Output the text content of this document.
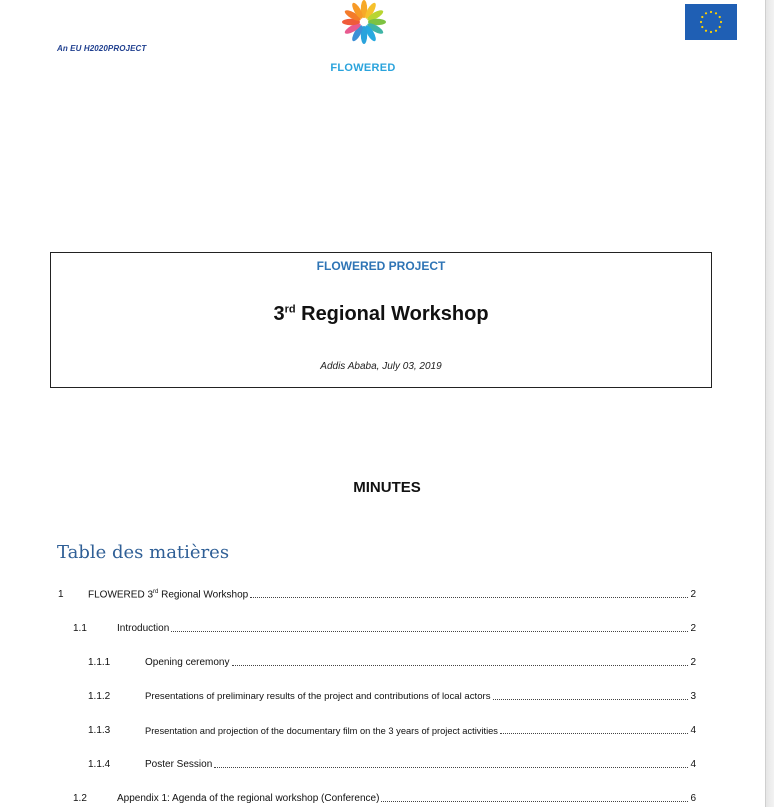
An EU H2020PROJECT
FLOWERED
FLOWERED PROJECT
3rd Regional Workshop
Addis Ababa, July 03, 2019
MINUTES
Table des matières
1	FLOWERED 3rd Regional Workshop	2
1.1	Introduction	2
1.1.1	Opening ceremony	2
1.1.2	Presentations of preliminary results of the project and contributions of local actors	3
1.1.3	Presentation and projection of the documentary film on the 3 years of project activities	4
1.1.4	Poster Session	4
1.2	Appendix 1: Agenda of the regional workshop (Conference)	6
